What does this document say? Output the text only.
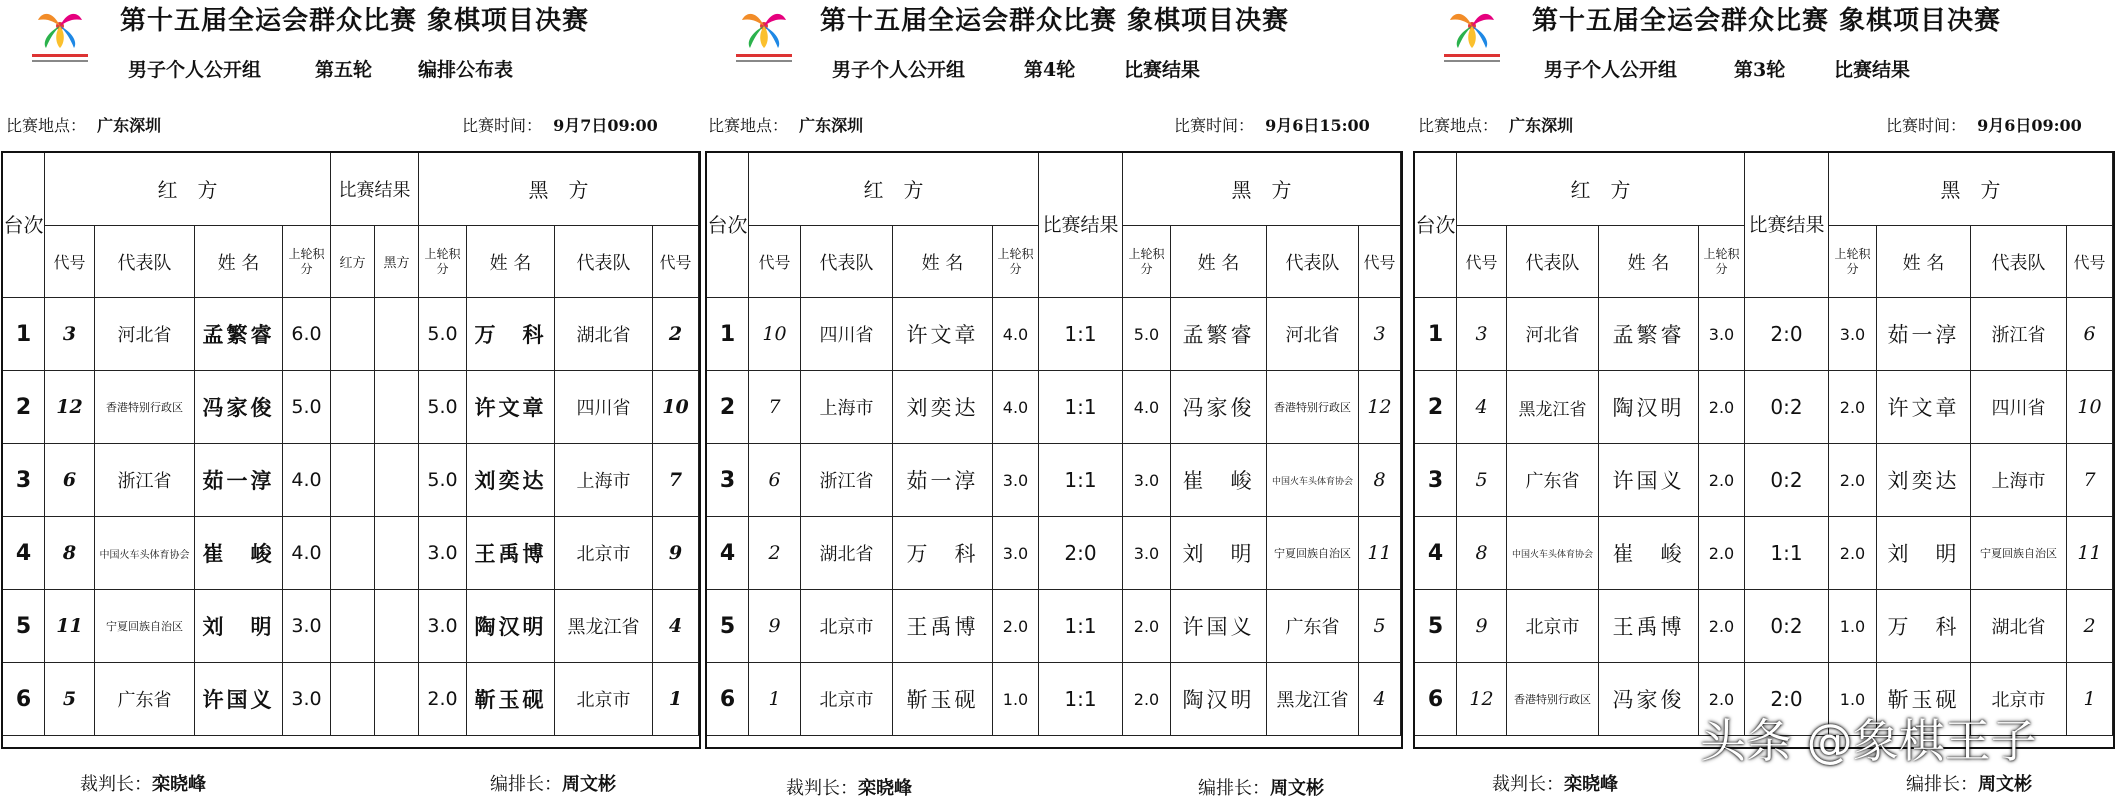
第十五届全运会群众比赛 象棋项目决赛
男子个人公开组	第五轮 编排公布表
比赛地点： 广东深圳	比赛时间： 9月7日09:00
台次	红　方				比赛结果		黑　方			
	代号	代表队	姓 名	上轮积分	红方	黑方	上轮积分	姓 名	代表队	代号
1	3	河北省	孟繁睿	6.0			5.0	万　科	湖北省	2
2	12	香港特别行政区	冯家俊	5.0			5.0	许文章	四川省	10
3	6	浙江省	茹一淳	4.0			5.0	刘奕达	上海市	7
4	8	中国火车头体育协会	崔　峻	4.0			3.0	王禹博	北京市	9
5	11	宁夏回族自治区	刘　明	3.0			3.0	陶汉明	黑龙江省	4
6	5	广东省	许国义	3.0			2.0	靳玉砚	北京市	1
裁判长：栾晓峰	编排长：周文彬
第十五届全运会群众比赛 象棋项目决赛
男子个人公开组	第4轮	比赛结果
比赛地点： 广东深圳	比赛时间： 9月6日15:00
台次	红　方				比赛结果	黑　方			
	代号	代表队	姓 名	上轮积分		上轮积分	姓 名	代表队	代号
1	10	四川省	许文章	4.0	1:1	5.0	孟繁睿	河北省	3
2	7	上海市	刘奕达	4.0	1:1	4.0	冯家俊	香港特别行政区	12
3	6	浙江省	茹一淳	3.0	1:1	3.0	崔　峻	中国火车头体育协会	8
4	2	湖北省	万　科	3.0	2:0	3.0	刘　明	宁夏回族自治区	11
5	9	北京市	王禹博	2.0	1:1	2.0	许国义	广东省	5
6	1	北京市	靳玉砚	1.0	1:1	2.0	陶汉明	黑龙江省	4
裁判长：栾晓峰	编排长：周文彬
第十五届全运会群众比赛 象棋项目决赛
男子个人公开组	第3轮	比赛结果
比赛地点： 广东深圳	比赛时间： 9月6日09:00
台次	红　方				比赛结果	黑　方			
	代号	代表队	姓 名	上轮积分		上轮积分	姓 名	代表队	代号
1	3	河北省	孟繁睿	3.0	2:0	3.0	茹一淳	浙江省	6
2	4	黑龙江省	陶汉明	2.0	0:2	2.0	许文章	四川省	10
3	5	广东省	许国义	2.0	0:2	2.0	刘奕达	上海市	7
4	8	中国火车头体育协会	崔　峻	2.0	1:1	2.0	刘　明	宁夏回族自治区	11
5	9	北京市	王禹博	2.0	0:2	1.0	万　科	湖北省	2
6	12	香港特别行政区	冯家俊	2.0	2:0	1.0	靳玉砚	北京市	1
裁判长：栾晓峰	编排长：周文彬
头条 @象棋王子
